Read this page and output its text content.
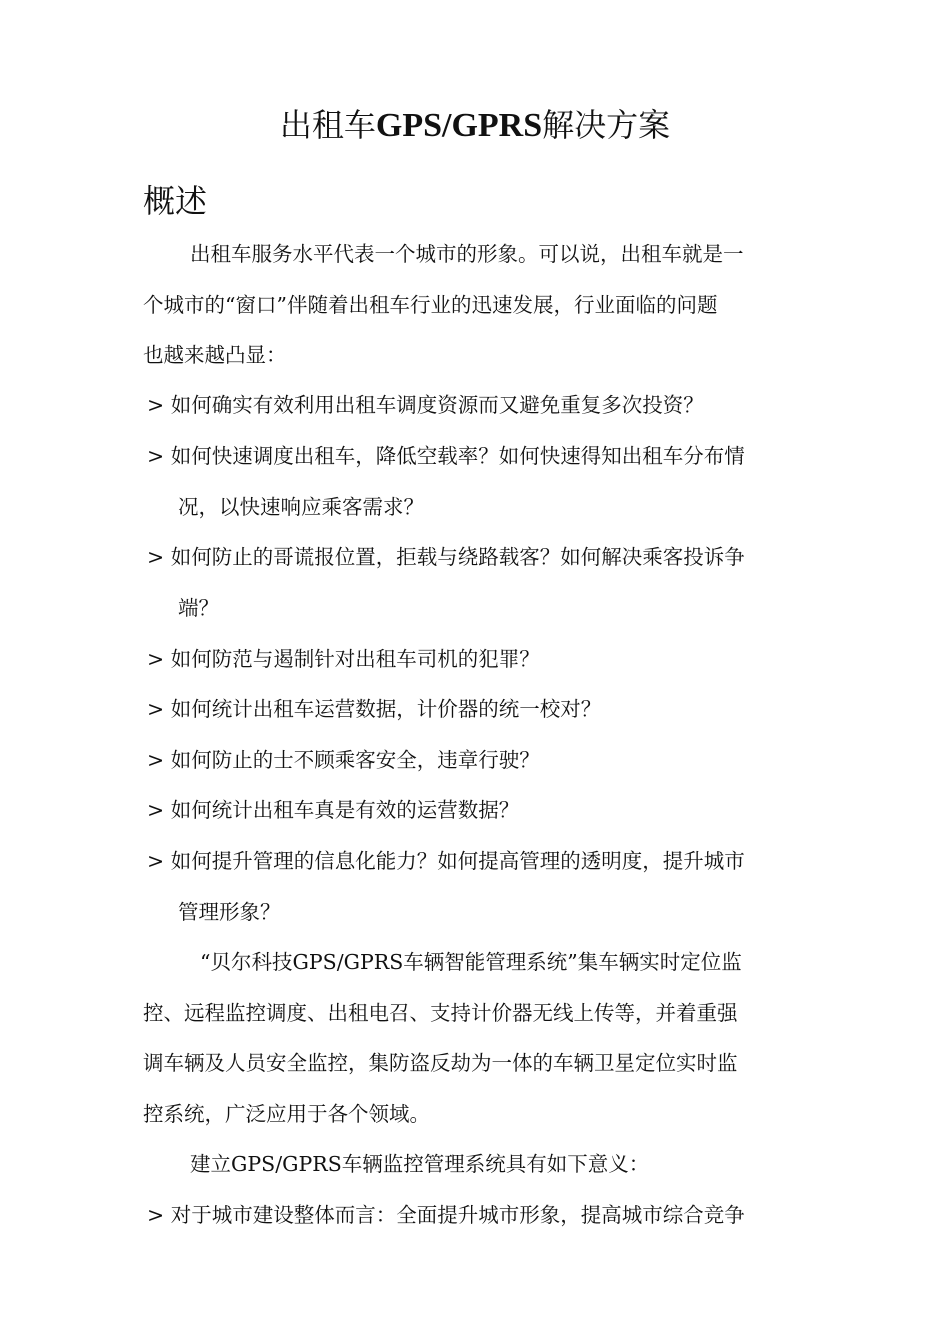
出租车GPS/GPRS解决方案
概述
出租车服务水平代表一个城市的形象。可以说，出租车就是一
个城市的“窗口”伴随着出租车行业的迅速发展，行业面临的问题
也越来越凸显：
> 如何确实有效利用出租车调度资源而又避免重复多次投资？
> 如何快速调度出租车，降低空载率？如何快速得知出租车分布情
况，以快速响应乘客需求？
> 如何防止的哥谎报位置，拒载与绕路载客？如何解决乘客投诉争
端？
> 如何防范与遏制针对出租车司机的犯罪？
> 如何统计出租车运营数据，计价器的统一校对？
> 如何防止的士不顾乘客安全，违章行驶？
> 如何统计出租车真是有效的运营数据？
> 如何提升管理的信息化能力？如何提高管理的透明度，提升城市
管理形象？
“贝尔科技GPS/GPRS车辆智能管理系统”集车辆实时定位监
控、远程监控调度、出租电召、支持计价器无线上传等，并着重强
调车辆及人员安全监控，集防盗反劫为一体的车辆卫星定位实时监
控系统，广泛应用于各个领域。
建立GPS/GPRS车辆监控管理系统具有如下意义：
> 对于城市建设整体而言：全面提升城市形象，提高城市综合竞争
